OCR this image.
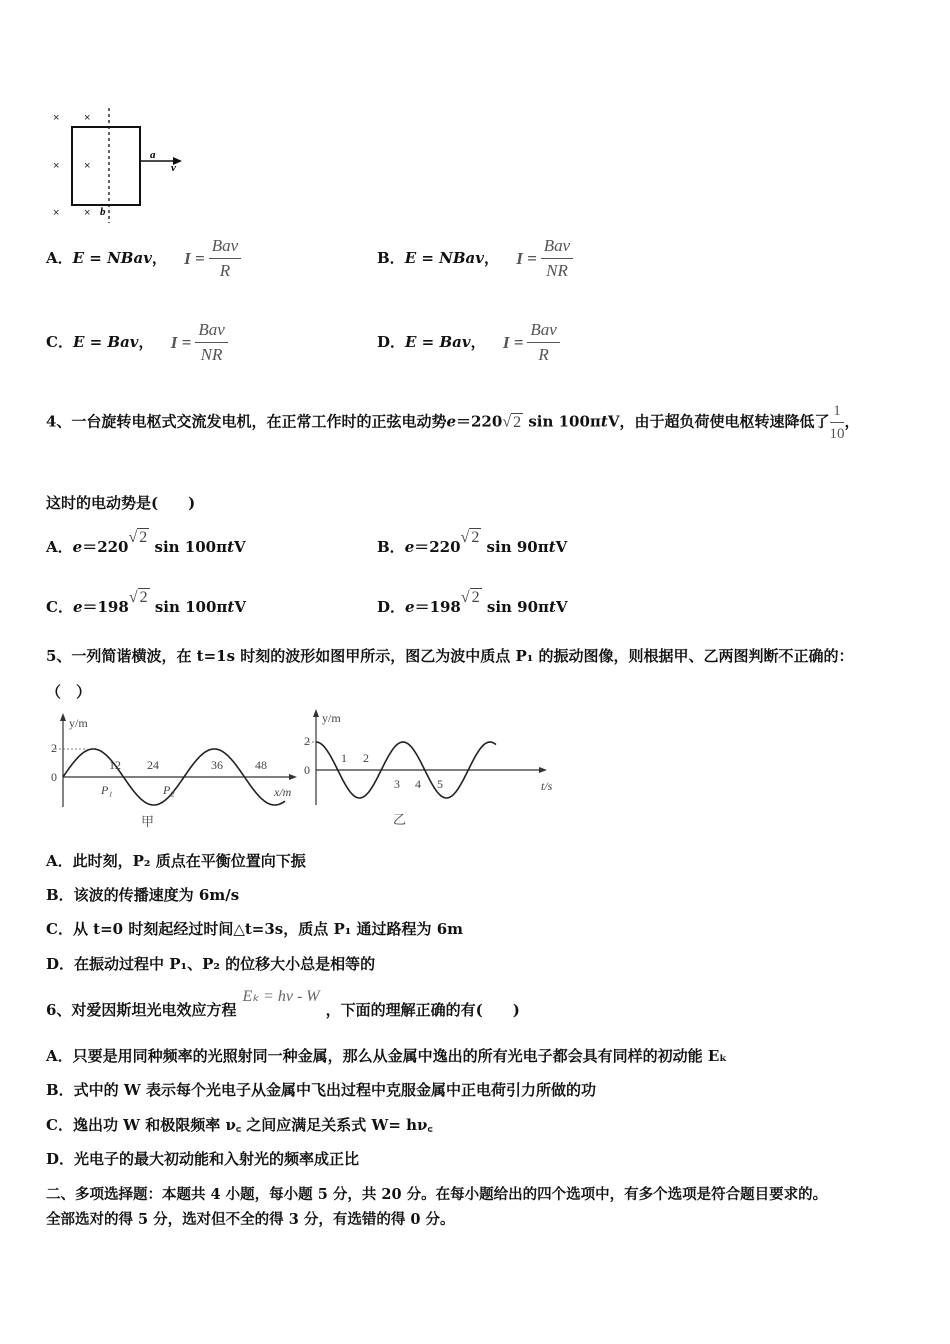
× ×
× ×
× ×
a
v
b
A．E = NBav， $I = \frac{\text{Bav}}{R}$	B．E = NBav， $I = \frac{\text{Bav}}{NR}$
C．E = Bav， $I = \frac{\text{Bav}}{NR}$	D．E = Bav， $I = \frac{\text{Bav}}{R}$
4、一台旋转电枢式交流发电机，在正常工作时的正弦电动势e＝220√ 2 sin 100πtV，由于超负荷使电枢转速降低了 $\frac{1}{10}$ ，
这时的电动势是(　　)
A．e＝220√ 2 sin 100πtV	B．e＝220√ 2 sin 90πtV
C．e＝198√ 2 sin 100πtV	D．e＝198√ 2 sin 90πtV
5、一列简谐横波，在 t=1s 时刻的波形如图甲所示，图乙为波中质点 P₁ 的振动图像，则根据甲、乙两图判断不正确的：
（　）
y/m
x/m
2
0
12 24	36	48
P₁	P₂
甲
y/m
t/s
2
0
1 2
3 4 5
乙
A．此时刻，P₂ 质点在平衡位置向下振
B．该波的传播速度为 6m/s
C．从 t=0 时刻起经过时间△t=3s，质点 P₁ 通过路程为 6m
D．在振动过程中 P₁、P₂ 的位移大小总是相等的
6、对爱因斯坦光电效应方程Eₖ = hν - W，下面的理解正确的有(　　)
A．只要是用同种频率的光照射同一种金属，那么从金属中逸出的所有光电子都会具有同样的初动能 Eₖ
B．式中的 W 表示每个光电子从金属中飞出过程中克服金属中正电荷引力所做的功
C．逸出功 W 和极限频率 ν꜀ 之间应满足关系式 W= hν꜀
D．光电子的最大初动能和入射光的频率成正比
二、多项选择题：本题共 4 小题，每小题 5 分，共 20 分。在每小题给出的四个选项中，有多个选项是符合题目要求的。
全部选对的得 5 分，选对但不全的得 3 分，有选错的得 0 分。
